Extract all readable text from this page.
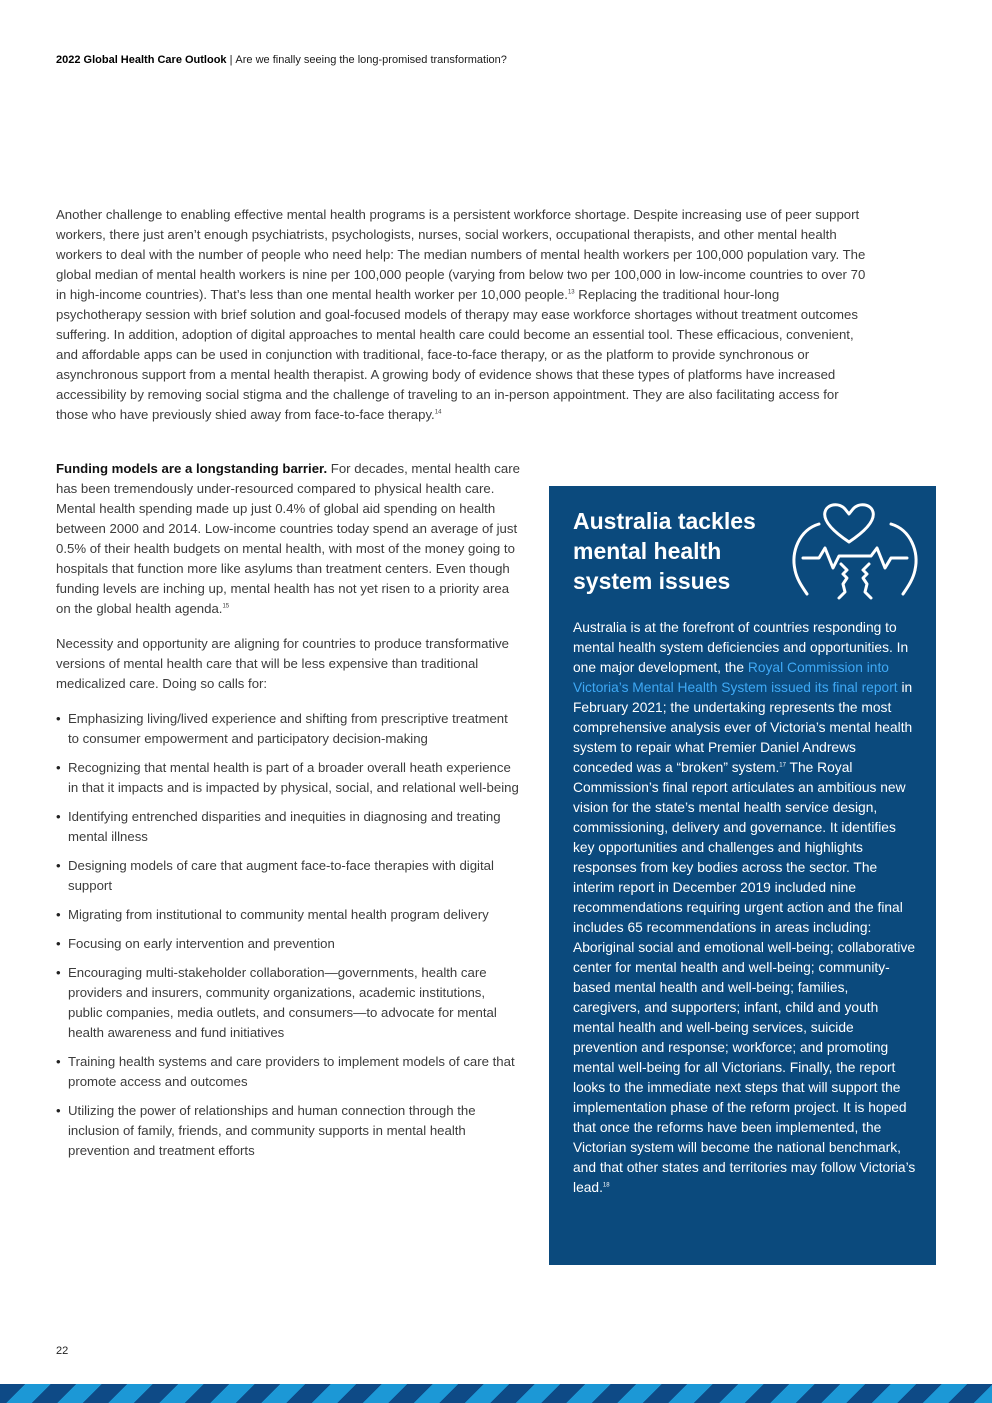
2022 Global Health Care Outlook | Are we finally seeing the long-promised transformation?

Another challenge to enabling effective mental health programs is a persistent workforce shortage. Despite increasing use of peer support workers, there just aren’t enough psychiatrists, psychologists, nurses, social workers, occupational therapists, and other mental health workers to deal with the number of people who need help: The median numbers of mental health workers per 100,000 population vary. The global median of mental health workers is nine per 100,000 people (varying from below two per 100,000 in low-income countries to over 70 in high-income countries). That’s less than one mental health worker per 10,000 people.$^{13}$ Replacing the traditional hour-long psychotherapy session with brief solution and goal-focused models of therapy may ease workforce shortages without treatment outcomes suffering. In addition, adoption of digital approaches to mental health care could become an essential tool. These efficacious, convenient, and affordable apps can be used in conjunction with traditional, face-to-face therapy, or as the platform to provide synchronous or asynchronous support from a mental health therapist. A growing body of evidence shows that these types of platforms have increased accessibility by removing social stigma and the challenge of traveling to an in-person appointment. They are also facilitating access for those who have previously shied away from face-to-face therapy.$^{14}$

Funding models are a longstanding barrier. For decades, mental health care has been tremendously under-resourced compared to physical health care. Mental health spending made up just 0.4% of global aid spending on health between 2000 and 2014. Low-income countries today spend an average of just 0.5% of their health budgets on mental health, with most of the money going to hospitals that function more like asylums than treatment centers. Even though funding levels are inching up, mental health has not yet risen to a priority area on the global health agenda.$^{15}$

Necessity and opportunity are aligning for countries to produce transformative versions of mental health care that will be less expensive than traditional medicalized care. Doing so calls for:

• Emphasizing living/lived experience and shifting from prescriptive treatment to consumer empowerment and participatory decision-making
• Recognizing that mental health is part of a broader overall heath experience in that it impacts and is impacted by physical, social, and relational well-being
• Identifying entrenched disparities and inequities in diagnosing and treating mental illness
• Designing models of care that augment face-to-face therapies with digital support
• Migrating from institutional to community mental health program delivery
• Focusing on early intervention and prevention
• Encouraging multi-stakeholder collaboration—governments, health care providers and insurers, community organizations, academic institutions, public companies, media outlets, and consumers—to advocate for mental health awareness and fund initiatives
• Training health systems and care providers to implement models of care that promote access and outcomes
• Utilizing the power of relationships and human connection through the inclusion of family, friends, and community supports in mental health prevention and treatment efforts
Australia tackles mental health system issues

Australia is at the forefront of countries responding to mental health system deficiencies and opportunities. In one major development, the Royal Commission into Victoria’s Mental Health System issued its final report in February 2021; the undertaking represents the most comprehensive analysis ever of Victoria’s mental health system to repair what Premier Daniel Andrews conceded was a “broken” system.$^{17}$ The Royal Commission’s final report articulates an ambitious new vision for the state’s mental health service design, commissioning, delivery and governance. It identifies key opportunities and challenges and highlights responses from key bodies across the sector. The interim report in December 2019 included nine recommendations requiring urgent action and the final includes 65 recommendations in areas including: Aboriginal social and emotional well-being; collaborative center for mental health and well-being; community-based mental health and well-being; families, caregivers, and supporters; infant, child and youth mental health and well-being services, suicide prevention and response; workforce; and promoting mental well-being for all Victorians. Finally, the report looks to the immediate next steps that will support the implementation phase of the reform project. It is hoped that once the reforms have been implemented, the Victorian system will become the national benchmark, and that other states and territories may follow Victoria’s lead.$^{18}$

22
